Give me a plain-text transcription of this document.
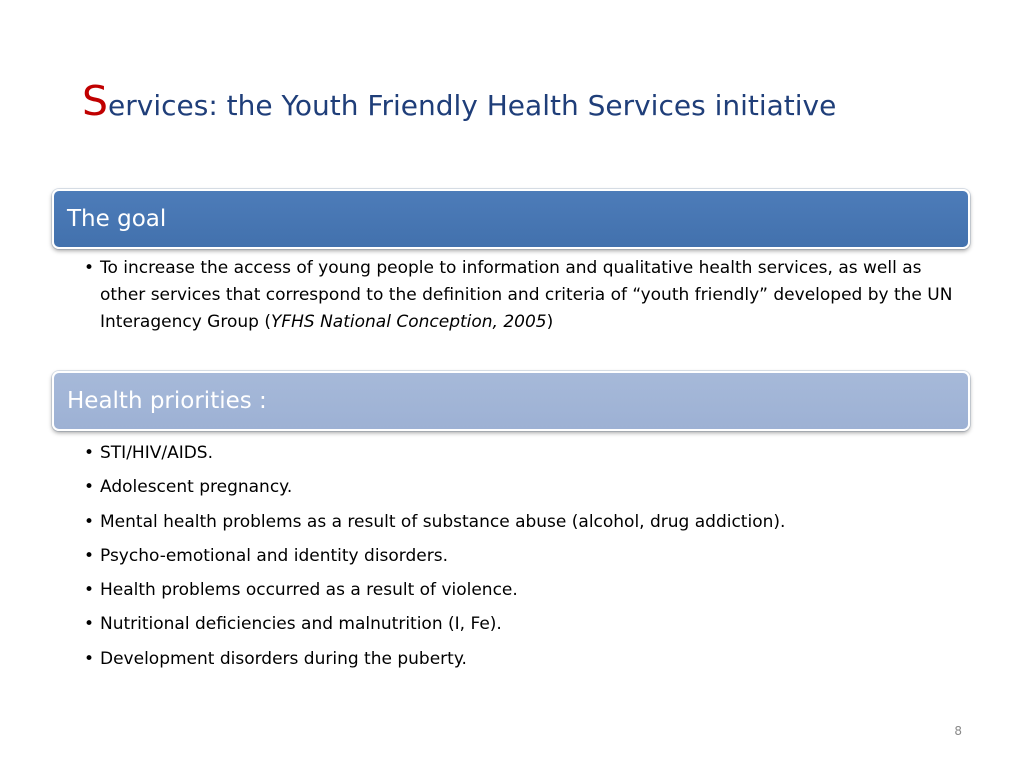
Services: the Youth Friendly Health Services initiative
The goal
• To increase the access of young people to information and qualitative health services, as well as other services that correspond to the definition and criteria of “youth friendly” developed by the UN Interagency Group (YFHS National Conception, 2005)
Health priorities :
• STI/HIV/AIDS.
• Adolescent pregnancy.
• Mental health problems as a result of substance abuse (alcohol, drug addiction).
• Psycho-emotional and identity disorders.
• Health problems occurred as a result of violence.
• Nutritional deficiencies and malnutrition (I, Fe).
• Development disorders during the puberty.
8
